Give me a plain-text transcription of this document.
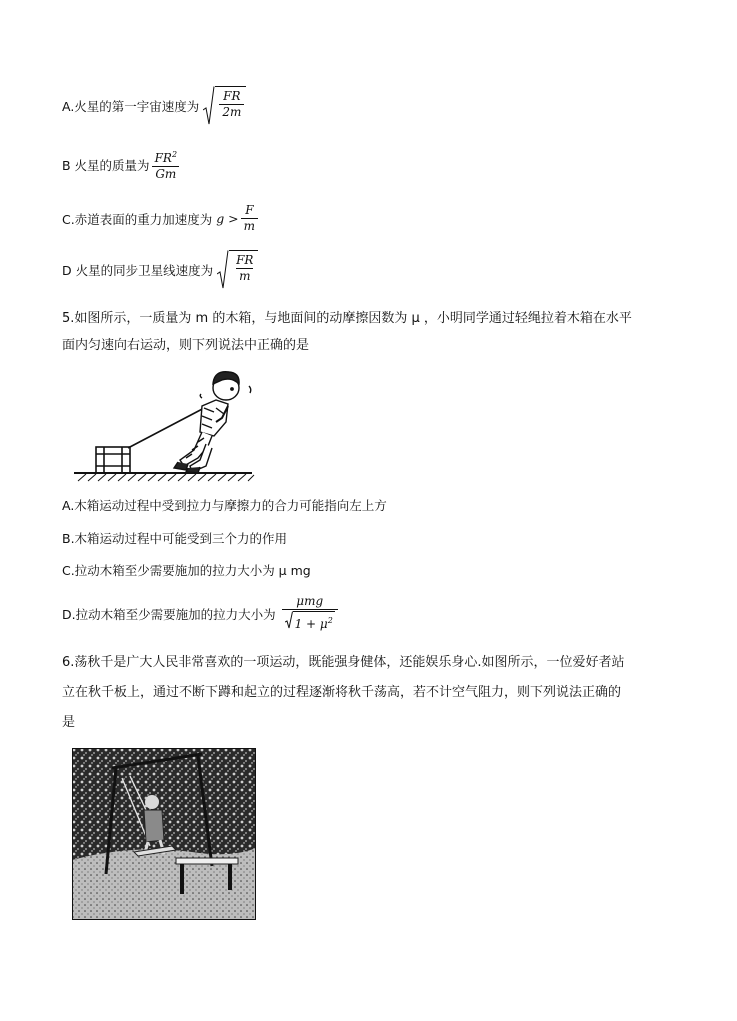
A.火星的第一宇宙速度为 $\frac{FR}{2m}$
B 火星的质量为 $\frac{FR^2}{Gm}$
C.赤道表面的重力加速度为 $g > \frac{F}{m}$
D 火星的同步卫星线速度为 $\frac{FR}{m}$
5.如图所示，一质量为 m 的木箱，与地面间的动摩擦因数为 μ ，小明同学通过轻绳拉着木箱在水平
面内匀速向右运动，则下列说法中正确的是
A.木箱运动过程中受到拉力与摩擦力的合力可能指向左上方
B.木箱运动过程中可能受到三个力的作用
C.拉动木箱至少需要施加的拉力大小为 μ mg
D.拉动木箱至少需要施加的拉力大小为 $\frac{\text{μmg}}{1 + \mu^2}$
6.荡秋千是广大人民非常喜欢的一项运动，既能强身健体，还能娱乐身心.如图所示，一位爱好者站
立在秋千板上，通过不断下蹲和起立的过程逐渐将秋千荡高，若不计空气阻力，则下列说法正确的
是
